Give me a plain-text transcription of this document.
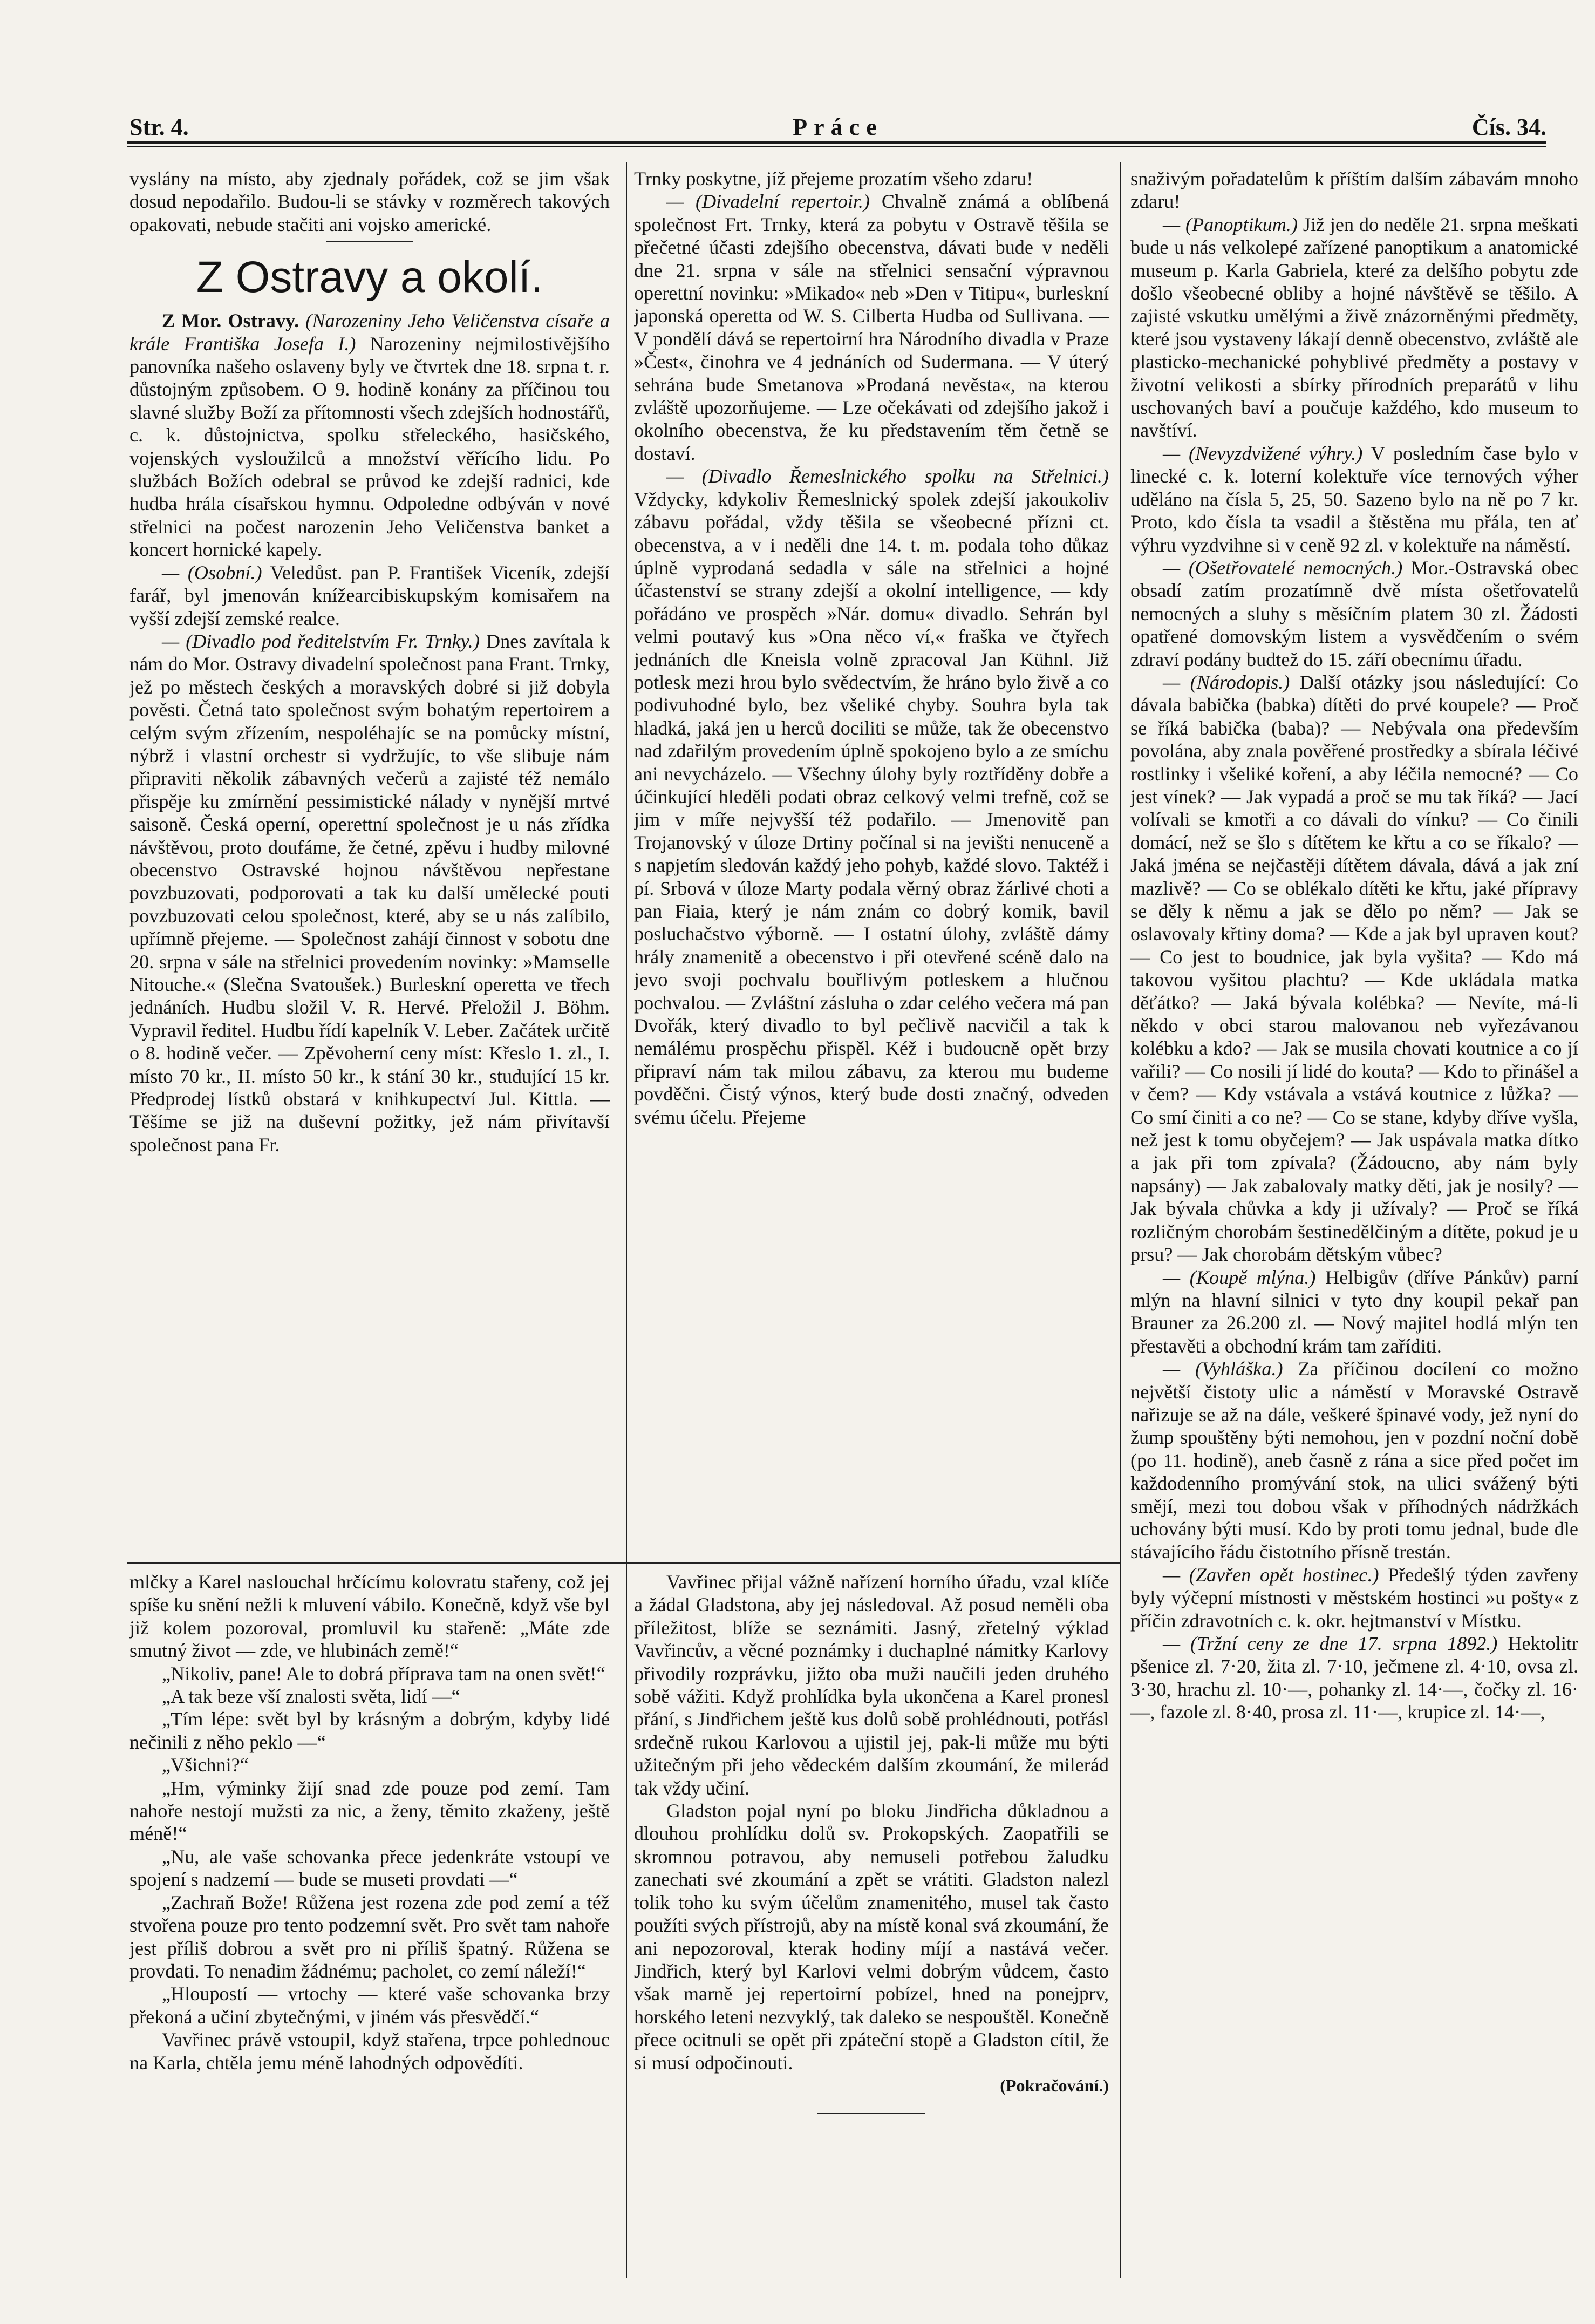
Str. 4.	Práce	Čís. 34.

vyslány na místo, aby zjednaly pořádek, což se jim však dosud nepodařilo. Budou-li se stávky v rozměrech takových opakovati, nebude stačiti ani vojsko americké.

Z Ostravy a okolí.

Z Mor. Ostravy. (Narozeniny Jeho Veličenstva císaře a krále Františka Josefa I.) Narozeniny nejmilostivějšího panovníka našeho oslaveny byly ve čtvrtek dne 18. srpna t. r. důstojným způsobem. O 9. hodině konány za příčinou tou slavné služby Boží za přítomnosti všech zdejších hodnostářů, c. k. důstojnictva, spolku střeleckého, hasičského, vojenských vysloužilců a množství věřícího lidu. Po službách Božích odebral se průvod ke zdejší radnici, kde hudba hrála císařskou hymnu. Odpoledne odbýván v nové střelnici na počest narozenin Jeho Veličenstva banket a koncert hornické kapely.

— (Osobní.) Veledůst. pan P. František Viceník, zdejší farář, byl jmenován knížearcibiskupským komisařem na vyšší zdejší zemské realce.

— (Divadlo pod ředitelstvím Fr. Trnky.) Dnes zavítala k nám do Mor. Ostravy divadelní společnost pana Frant. Trnky, jež po městech českých a moravských dobré si již dobyla pověsti. Četná tato společnost svým bohatým repertoirem a celým svým zřízením, nespoléhajíc se na pomůcky místní, nýbrž i vlastní orchestr si vydržujíc, to vše slibuje nám připraviti několik zábavných večerů a zajisté též nemálo přispěje ku zmírnění pessimistické nálady v nynější mrtvé saisoně. Česká operní, operettní společnost je u nás zřídka návštěvou, proto doufáme, že četné, zpěvu i hudby milovné obecenstvo Ostravské hojnou návštěvou nepřestane povzbuzovati, podporovati a tak ku další umělecké pouti povzbuzovati celou společnost, které, aby se u nás zalíbilo, upřímně přejeme. — Společnost zahájí činnost v sobotu dne 20. srpna v sále na střelnici provedením novinky: »Mamselle Nitouche.« (Slečna Svatoušek.) Burleskní operetta ve třech jednáních. Hudbu složil V. R. Hervé. Přeložil J. Böhm. Vypravil ředitel. Hudbu řídí kapelník V. Leber. Začátek určitě o 8. hodině večer. — Zpěvoherní ceny míst: Křeslo 1. zl., I. místo 70 kr., II. místo 50 kr., k stání 30 kr., studující 15 kr. Předprodej lístků obstará v knihkupectví Jul. Kittla. — Těšíme se již na duševní požitky, jež nám přivítavší společnost pana Fr.

Trnky poskytne, jíž přejeme prozatím všeho zdaru!

— (Divadelní repertoir.) Chvalně známá a oblíbená společnost Frt. Trnky, která za pobytu v Ostravě těšila se přečetné účasti zdejšího obecenstva, dávati bude v neděli dne 21. srpna v sále na střelnici sensační výpravnou operettní novinku: »Mikado« neb »Den v Titipu«, burleskní japonská operetta od W. S. Cilberta Hudba od Sullivana. — V pondělí dává se repertoirní hra Národního divadla v Praze »Čest«, činohra ve 4 jednáních od Sudermana. — V úterý sehrána bude Smetanova »Prodaná nevěsta«, na kterou zvláště upozorňujeme. — Lze očekávati od zdejšího jakož i okolního obecenstva, že ku představením těm četně se dostaví.

— (Divadlo Řemeslnického spolku na Střelnici.) Vždycky, kdykoliv Řemeslnický spolek zdejší jakoukoliv zábavu pořádal, vždy těšila se všeobecné přízni ct. obecenstva, a v i neděli dne 14. t. m. podala toho důkaz úplně vyprodaná sedadla v sále na střelnici a hojné účastenství se strany zdejší a okolní intelligence, — kdy pořádáno ve prospěch »Nár. domu« divadlo. Sehrán byl velmi poutavý kus »Ona něco ví,« fraška ve čtyřech jednáních dle Kneisla volně zpracoval Jan Kühnl. Již potlesk mezi hrou bylo svědectvím, že hráno bylo živě a co podivuhodné bylo, bez všeliké chyby. Souhra byla tak hladká, jaká jen u herců dociliti se může, tak že obecenstvo nad zdařilým provedením úplně spokojeno bylo a ze smíchu ani nevycházelo. — Všechny úlohy byly roztříděny dobře a účinkující hleděli podati obraz celkový velmi trefně, což se jim v míře nejvyšší též podařilo. — Jmenovitě pan Trojanovský v úloze Drtiny počínal si na jevišti nenuceně a s napjetím sledován každý jeho pohyb, každé slovo. Taktéž i pí. Srbová v úloze Marty podala věrný obraz žárlivé choti a pan Fiaia, který je nám znám co dobrý komik, bavil posluchačstvo výborně. — I ostatní úlohy, zvláště dámy hrály znamenitě a obecenstvo i při otevřené scéně dalo na jevo svoji pochvalu bouřlivým potleskem a hlučnou pochvalou. — Zvláštní zásluha o zdar celého večera má pan Dvořák, který divadlo to byl pečlivě nacvičil a tak k nemálému prospěchu přispěl. Kéž i budoucně opět brzy připraví nám tak milou zábavu, za kterou mu budeme povděčni. Čistý výnos, který bude dosti značný, odveden svému účelu. Přejeme

snaživým pořadatelům k příštím dalším zábavám mnoho zdaru!

— (Panoptikum.) Již jen do neděle 21. srpna meškati bude u nás velkolepé zařízené panoptikum a anatomické museum p. Karla Gabriela, které za delšího pobytu zde došlo všeobecné obliby a hojné návštěvě se těšilo. A zajisté vskutku umělými a živě znázorněnými předměty, které jsou vystaveny lákají denně obecenstvo, zvláště ale plasticko-mechanické pohyblivé předměty a postavy v životní velikosti a sbírky přírodních preparátů v lihu uschovaných baví a poučuje každého, kdo museum to navštíví.

— (Nevyzdvižené výhry.) V posledním čase bylo v linecké c. k. loterní kolektuře více ternových výher uděláno na čísla 5, 25, 50. Sazeno bylo na ně po 7 kr. Proto, kdo čísla ta vsadil a štěstěna mu přála, ten ať výhru vyzdvihne si v ceně 92 zl. v kolektuře na náměstí.

— (Ošetřovatelé nemocných.) Mor.-Ostravská obec obsadí zatím prozatímně dvě místa ošetřovatelů nemocných a sluhy s měsíčním platem 30 zl. Žádosti opatřené domovským listem a vysvědčením o svém zdraví podány budtež do 15. září obecnímu úřadu.

— (Národopis.) Další otázky jsou následující: Co dávala babička (babka) dítěti do prvé koupele? — Proč se říká babička (baba)? — Nebývala ona především povolána, aby znala pověřené prostředky a sbírala léčivé rostlinky i všeliké koření, a aby léčila nemocné? — Co jest vínek? — Jak vypadá a proč se mu tak říká? — Jací volívali se kmotři a co dávali do vínku? — Co činili domácí, než se šlo s dítětem ke křtu a co se říkalo? — Jaká jména se nejčastěji dítětem dávala, dává a jak zní mazlivě? — Co se oblékalo dítěti ke křtu, jaké přípravy se děly k němu a jak se dělo po něm? — Jak se oslavovaly křtiny doma? — Kde a jak byl upraven kout? — Co jest to boudnice, jak byla vyšita? — Kdo má takovou vyšitou plachtu? — Kde ukládala matka děťátko? — Jaká bývala kolébka? — Nevíte, má-li někdo v obci starou malovanou neb vyřezávanou kolébku a kdo? — Jak se musila chovati koutnice a co jí vařili? — Co nosili jí lidé do kouta? — Kdo to přinášel a v čem? — Kdy vstávala a vstává koutnice z lůžka? — Co smí činiti a co ne? — Co se stane, kdyby dříve vyšla, než jest k tomu obyčejem? — Jak uspávala matka dítko a jak při tom zpívala? (Žádoucno, aby nám byly napsány) — Jak zabalovaly matky děti, jak je nosily? — Jak bývala chůvka a kdy ji užívaly? — Proč se říká rozličným chorobám šestinedělčiným a dítěte, pokud je u prsu? — Jak chorobám dětským vůbec?

— (Koupě mlýna.) Helbigův (dříve Pánkův) parní mlýn na hlavní silnici v tyto dny koupil pekař pan Brauner za 26.200 zl. — Nový majitel hodlá mlýn ten přestavěti a obchodní krám tam zaříditi.

— (Vyhláška.) Za příčinou docílení co možno největší čistoty ulic a náměstí v Moravské Ostravě nařizuje se až na dále, veškeré špinavé vody, jež nyní do žump spouštěny býti nemohou, jen v pozdní noční době (po 11. hodině), aneb časně z rána a sice před počet im každodenního promývání stok, na ulici svážený býti smějí, mezi tou dobou však v příhodných nádržkách uchovány býti musí. Kdo by proti tomu jednal, bude dle stávajícího řádu čistotního přísně trestán.

— (Zavřen opět hostinec.) Předešlý týden zavřeny byly výčepní místnosti v městském hostinci »u pošty« z příčin zdravotních c. k. okr. hejtmanství v Místku.

— (Tržní ceny ze dne 17. srpna 1892.) Hektolitr pšenice zl. 7·20, žita zl. 7·10, ječmene zl. 4·10, ovsa zl. 3·30, hrachu zl. 10·—, pohanky zl. 14·—, čočky zl. 16·—, fazole zl. 8·40, prosa zl. 11·—, krupice zl. 14·—,

mlčky a Karel naslouchal hrčícímu kolovratu stařeny, což jej spíše ku snění nežli k mluvení vábilo. Konečně, když vše byl již kolem pozoroval, promluvil ku stařeně: „Máte zde smutný život — zde, ve hlubinách země!“

„Nikoliv, pane! Ale to dobrá příprava tam na onen svět!“

„A tak beze vší znalosti světa, lidí —“

„Tím lépe: svět byl by krásným a dobrým, kdyby lidé nečinili z něho peklo —“

„Všichni?“

„Hm, výminky žijí snad zde pouze pod zemí. Tam nahoře nestojí mužsti za nic, a ženy, těmito zkaženy, ještě méně!“

„Nu, ale vaše schovanka přece jedenkráte vstoupí ve spojení s nadzemí — bude se museti provdati —“

„Zachraň Bože! Růžena jest rozena zde pod zemí a též stvořena pouze pro tento podzemní svět. Pro svět tam nahoře jest příliš dobrou a svět pro ni příliš špatný. Růžena se provdati. To nenadim žádnému; pacholet, co zemí náleží!“

„Hloupostí — vrtochy — které vaše schovanka brzy překoná a učiní zbytečnými, v jiném vás přesvědčí.“

Vavřinec právě vstoupil, když stařena, trpce pohlednouc na Karla, chtěla jemu méně lahodných odpovědíti.

Vavřinec přijal vážně nařízení horního úřadu, vzal klíče a žádal Gladstona, aby jej následoval. Až posud neměli oba příležitost, blíže se seznámiti. Jasný, zřetelný výklad Vavřincův, a věcné poznámky i duchaplné námitky Karlovy přivodily rozprávku, jižto oba muži naučili jeden druhého sobě vážiti. Když prohlídka byla ukončena a Karel pronesl přání, s Jindřichem ještě kus dolů sobě prohlédnouti, potřásl srdečně rukou Karlovou a ujistil jej, pak-li může mu býti užitečným při jeho vědeckém dalším zkoumání, že milerád tak vždy učiní.

Gladston pojal nyní po bloku Jindřicha důkladnou a dlouhou prohlídku dolů sv. Prokopských. Zaopatřili se skromnou potravou, aby nemuseli potřebou žaludku zanechati své zkoumání a zpět se vrátiti. Gladston nalezl tolik toho ku svým účelům znamenitého, musel tak často použíti svých přístrojů, aby na místě konal svá zkoumání, že ani nepozoroval, kterak hodiny míjí a nastává večer. Jindřich, který byl Karlovi velmi dobrým vůdcem, často však marně jej repertoirní pobízel, hned na ponejprv, horského leteni nezvyklý, tak daleko se nespouštěl. Konečně přece ocitnuli se opět při zpáteční stopě a Gladston cítil, že si musí odpočinouti.

(Pokračování.)
